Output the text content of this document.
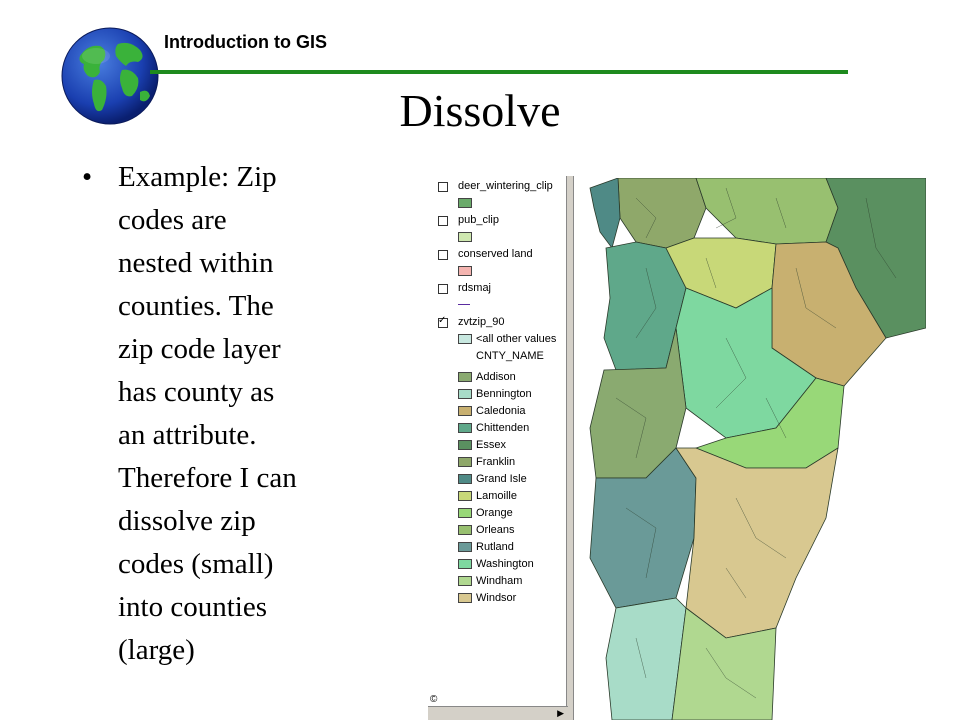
Introduction to GIS
Dissolve
• Example: Zip
codes are
nested within
counties. The
zip code layer
has county as
an attribute.
Therefore I can
dissolve zip
codes (small)
into counties
(large)
deer_wintering_clip
pub_clip
conserved land
rdsmaj
✓
zvtzip_90
<all other values
CNTY_NAME
Addison
Bennington
Caledonia
Chittenden
Essex
Franklin
Grand Isle
Lamoille
Orange
Orleans
Rutland
Washington
Windham
Windsor
▶
©
